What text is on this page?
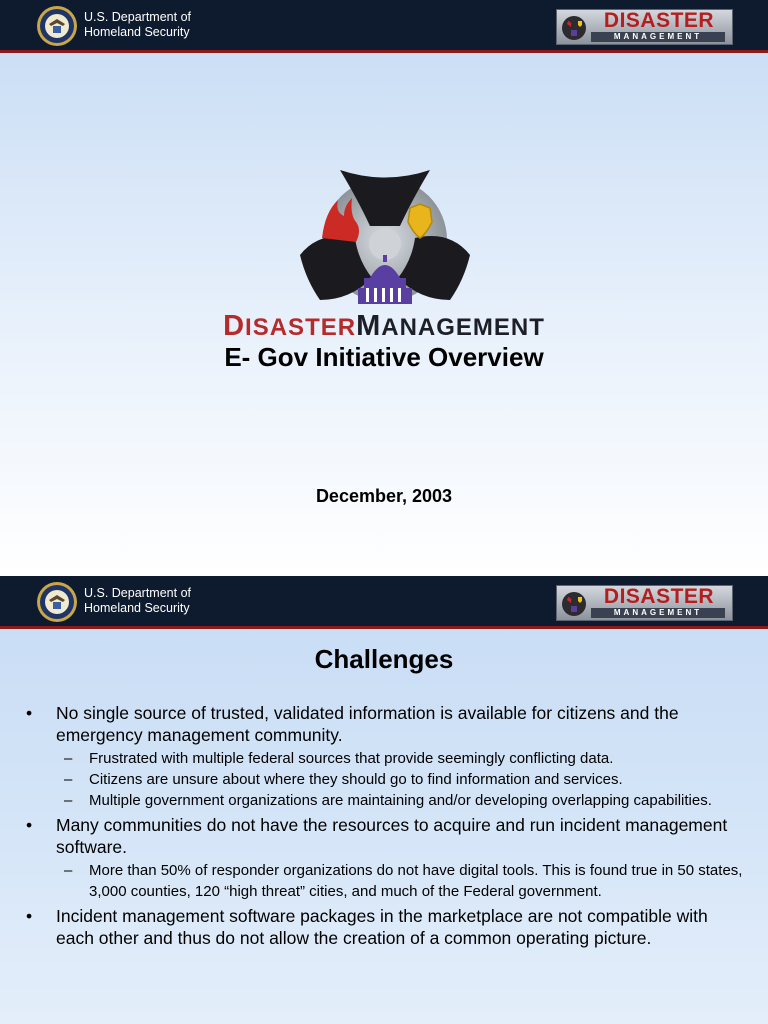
U.S. Department of
Homeland Security	DISASTER
MANAGEMENT
DISASTERMANAGEMENT
E- Gov Initiative Overview
December, 2003
U.S. Department of
Homeland Security	DISASTER
MANAGEMENT
Challenges
• No single source of trusted, validated information is available for citizens and the emergency management community.
– Frustrated with multiple federal sources that provide seemingly conflicting data.
– Citizens are unsure about where they should go to find information and services.
– Multiple government organizations are maintaining and/or developing overlapping capabilities.
• Many communities do not have the resources to acquire and run incident management software.
– More than 50% of responder organizations do not have digital tools. This is found true in 50 states, 3,000 counties, 120 “high threat” cities, and much of the Federal government.
• Incident management software packages in the marketplace are not compatible with each other and thus do not allow the creation of a common operating picture.
